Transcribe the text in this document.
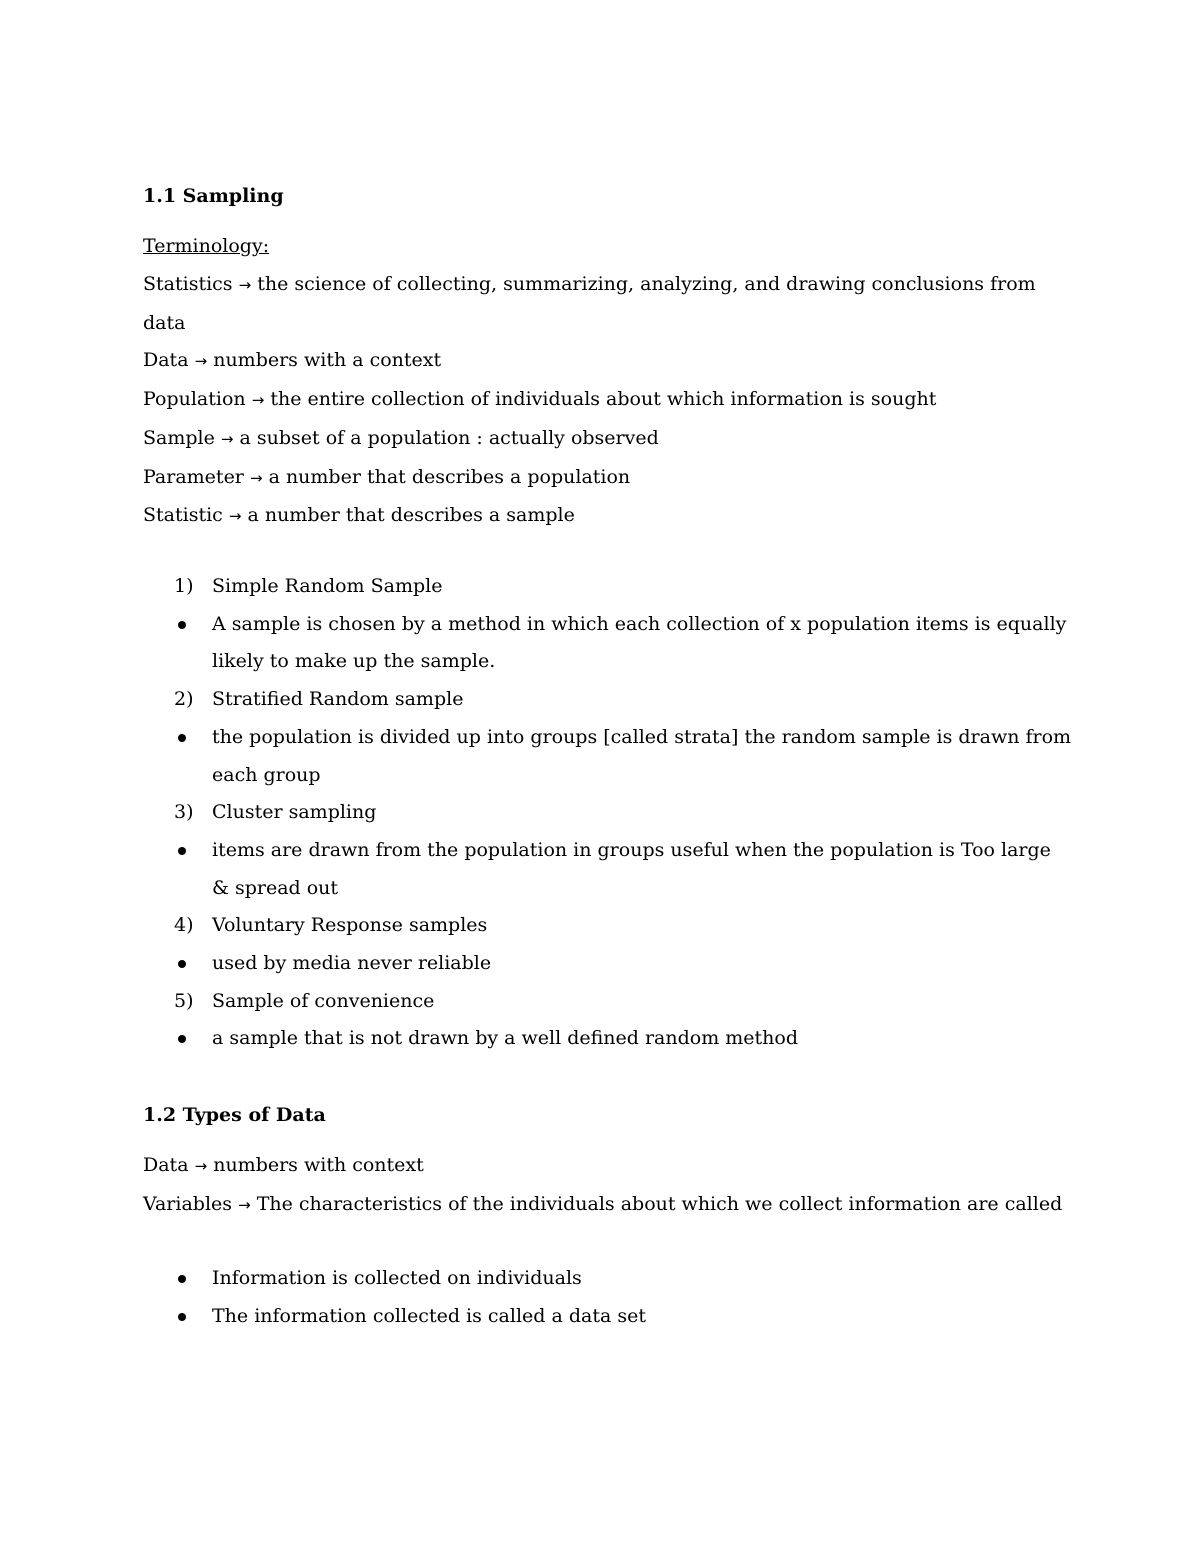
1.1 Sampling
Terminology:
Statistics → the science of collecting, summarizing, analyzing, and drawing conclusions from
data
Data → numbers with a context
Population → the entire collection of individuals about which information is sought
Sample → a subset of a population : actually observed
Parameter → a number that describes a population
Statistic → a number that describes a sample
1) Simple Random Sample
A sample is chosen by a method in which each collection of x population items is equally
likely to make up the sample.
2) Stratified Random sample
the population is divided up into groups [called strata] the random sample is drawn from
each group
3) Cluster sampling
items are drawn from the population in groups useful when the population is Too large
& spread out
4) Voluntary Response samples
used by media never reliable
5) Sample of convenience
a sample that is not drawn by a well defined random method
1.2 Types of Data
Data → numbers with context
Variables → The characteristics of the individuals about which we collect information are called
Information is collected on individuals
The information collected is called a data set
